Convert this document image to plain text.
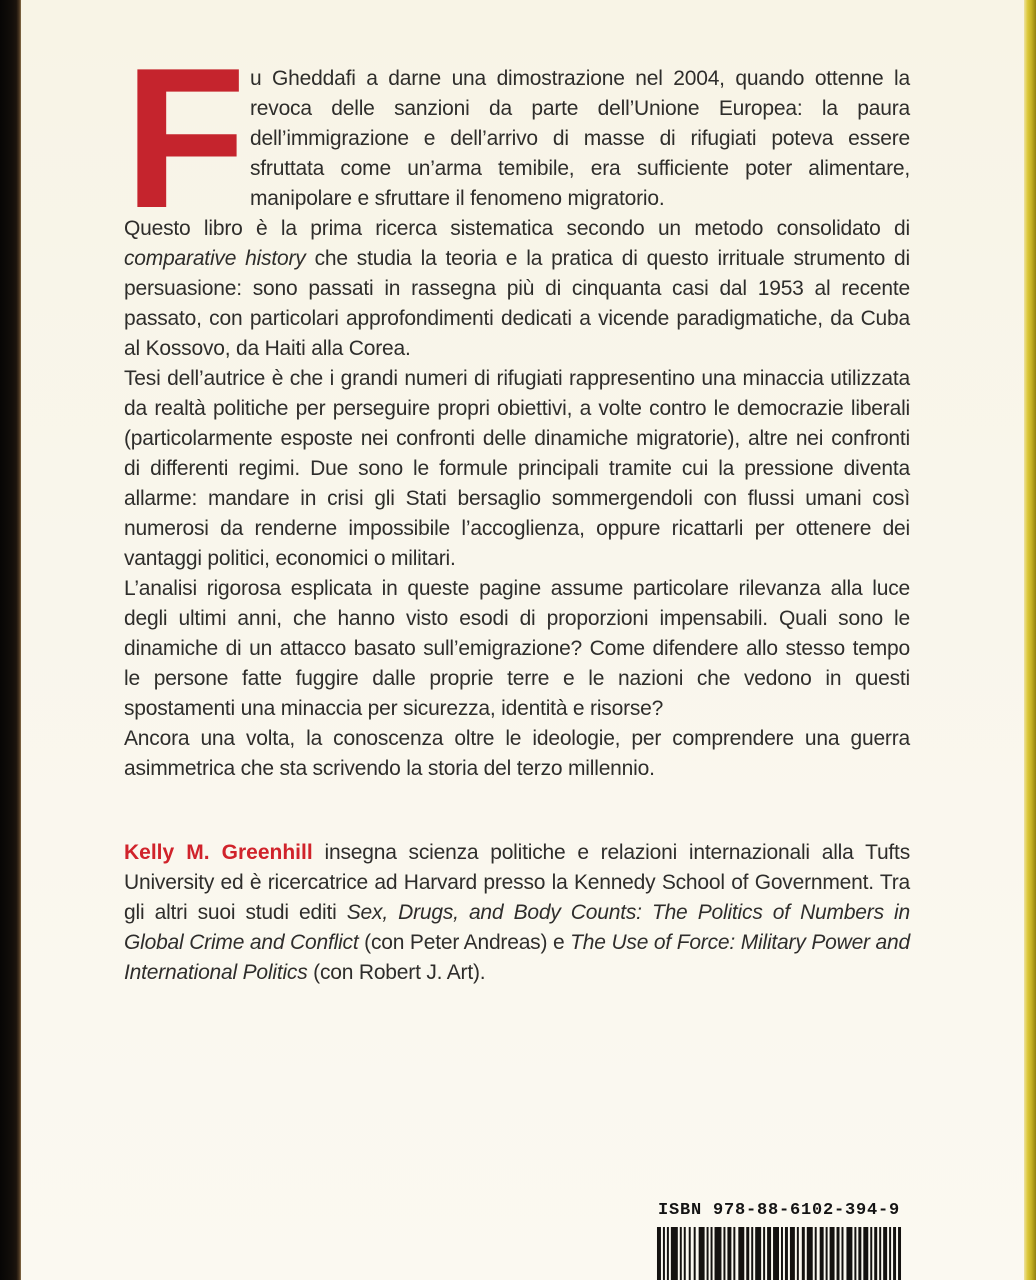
Fu Gheddafi a darne una dimostrazione nel 2004, quando ottenne la revoca delle sanzioni da parte dell’Unione Europea: la paura dell’immigrazione e dell’arrivo di masse di rifugiati poteva essere sfruttata come un’arma temibile, era sufficiente poter alimentare, manipolare e sfruttare il fenomeno migratorio.

Questo libro è la prima ricerca sistematica secondo un metodo consolidato di comparative history che studia la teoria e la pratica di questo irrituale strumento di persuasione: sono passati in rassegna più di cinquanta casi dal 1953 al recente passato, con particolari approfondimenti dedicati a vicende paradigmatiche, da Cuba al Kossovo, da Haiti alla Corea.

Tesi dell’autrice è che i grandi numeri di rifugiati rappresentino una minaccia utilizzata da realtà politiche per perseguire propri obiettivi, a volte contro le democrazie liberali (particolarmente esposte nei confronti delle dinamiche migratorie), altre nei confronti di differenti regimi. Due sono le formule principali tramite cui la pressione diventa allarme: mandare in crisi gli Stati bersaglio sommergendoli con flussi umani così numerosi da renderne impossibile l’accoglienza, oppure ricattarli per ottenere dei vantaggi politici, economici o militari.

L’analisi rigorosa esplicata in queste pagine assume particolare rilevanza alla luce degli ultimi anni, che hanno visto esodi di proporzioni impensabili. Quali sono le dinamiche di un attacco basato sull’emigrazione? Come difendere allo stesso tempo le persone fatte fuggire dalle proprie terre e le nazioni che vedono in questi spostamenti una minaccia per sicurezza, identità e risorse?

Ancora una volta, la conoscenza oltre le ideologie, per comprendere una guerra asimmetrica che sta scrivendo la storia del terzo millennio.

Kelly M. Greenhill insegna scienza politiche e relazioni internazionali alla Tufts University ed è ricercatrice ad Harvard presso la Kennedy School of Government. Tra gli altri suoi studi editi Sex, Drugs, and Body Counts: The Politics of Numbers in Global Crime and Conflict (con Peter Andreas) e The Use of Force: Military Power and International Politics (con Robert J. Art).

ISBN 978-88-6102-394-9
